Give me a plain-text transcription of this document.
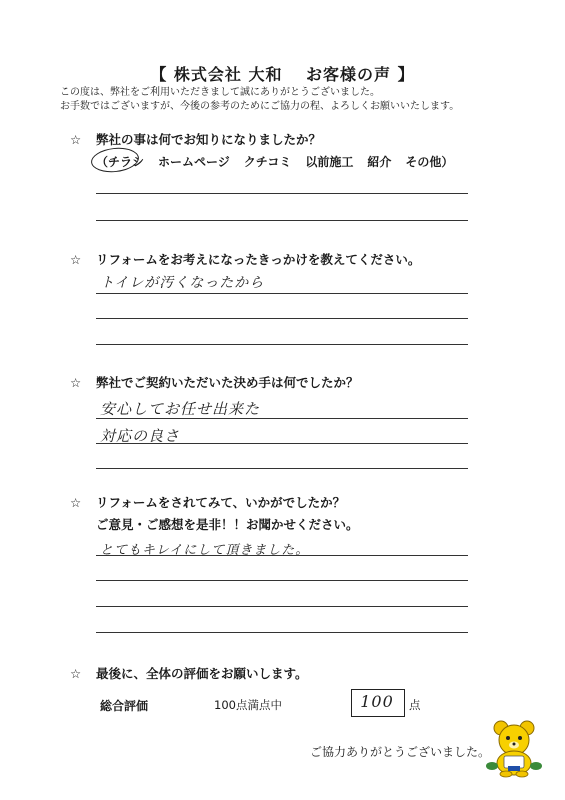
【 株式会社 大和　 お客様の声 】
この度は、弊社をご利用いただきまして誠にありがとうございました。
お手数ではございますが、今後の参考のためにご協力の程、よろしくお願いいたします。
☆ 弊社の事は何でお知りになりましたか？
（チラシ ホームページ クチコミ 以前施工 紹介 その他）
☆ リフォームをお考えになったきっかけを教えてください。
トイレが汚くなったから
☆ 弊社でご契約いただいた決め手は何でしたか？
安心してお任せ出来た
対応の良さ
☆ リフォームをされてみて、いかがでしたか？
ご意見・ご感想を是非！！お聞かせください。
とてもキレイにして頂きました。
☆ 最後に、全体の評価をお願いします。
総合評価	100点満点中	100	点
ご協力ありがとうございました。
